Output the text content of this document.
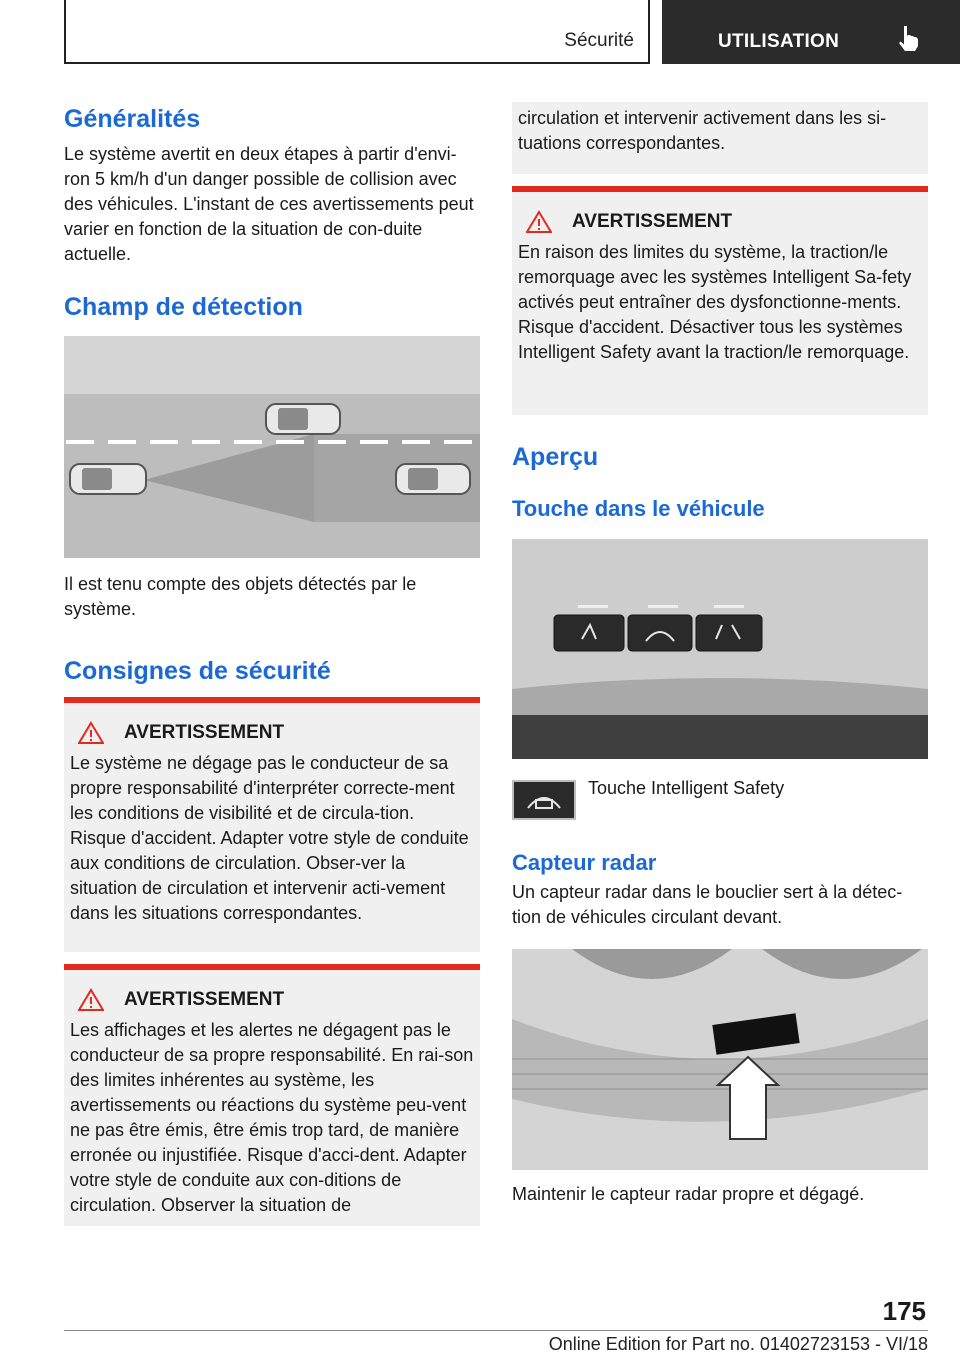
Sécurité	UTILISATION
Généralités

Le système avertit en deux étapes à partir d'envi-ron 5 km/h d'un danger possible de collision avec des véhicules. L'instant de ces avertissements peut varier en fonction de la situation de con-duite actuelle.

Champ de détection

Il est tenu compte des objets détectés par le système.

Consignes de sécurité
AVERTISSEMENT

Le système ne dégage pas le conducteur de sa propre responsabilité d'interpréter correcte-ment les conditions de visibilité et de circula-tion. Risque d'accident. Adapter votre style de conduite aux conditions de circulation. Obser-ver la situation de circulation et intervenir acti-vement dans les situations correspondantes.

AVERTISSEMENT

Les affichages et les alertes ne dégagent pas le conducteur de sa propre responsabilité. En rai-son des limites inhérentes au système, les avertissements ou réactions du système peu-vent ne pas être émis, être émis trop tard, de manière erronée ou injustifiée. Risque d'acci-dent. Adapter votre style de conduite aux con-ditions de circulation. Observer la situation de

circulation et intervenir activement dans les si-tuations correspondantes.

AVERTISSEMENT

En raison des limites du système, la traction/le remorquage avec les systèmes Intelligent Sa-fety activés peut entraîner des dysfonctionne-ments. Risque d'accident. Désactiver tous les systèmes Intelligent Safety avant la traction/le remorquage.

Aperçu
Touche dans le véhicule

Touche Intelligent Safety

Capteur radar

Un capteur radar dans le bouclier sert à la détec-tion de véhicules circulant devant.

Maintenir le capteur radar propre et dégagé.

175
Online Edition for Part no. 01402723153 - VI/18
